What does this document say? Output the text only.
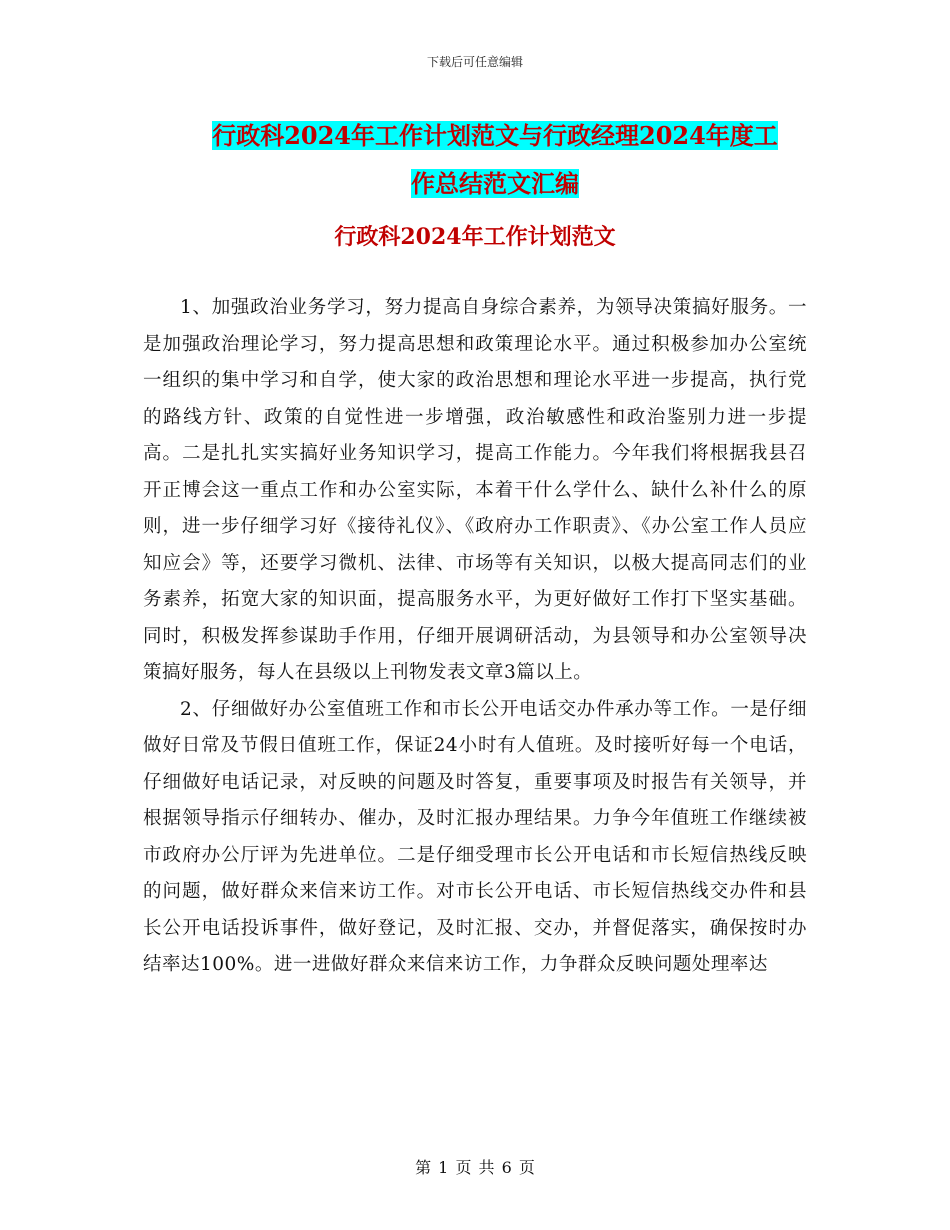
下载后可任意编辑
行政科2024年工作计划范文与行政经理2024年度工
作总结范文汇编
行政科2024年工作计划范文

1、加强政治业务学习，努力提高自身综合素养，为领导决策搞好服务。一是加强政治理论学习，努力提高思想和政策理论水平。通过积极参加办公室统一组织的集中学习和自学，使大家的政治思想和理论水平进一步提高，执行党的路线方针、政策的自觉性进一步增强，政治敏感性和政治鉴别力进一步提高。二是扎扎实实搞好业务知识学习，提高工作能力。今年我们将根据我县召开正博会这一重点工作和办公室实际，本着干什么学什么、缺什么补什么的原则，进一步仔细学习好《接待礼仪》、《政府办工作职责》、《办公室工作人员应知应会》等，还要学习微机、法律、市场等有关知识，以极大提高同志们的业务素养，拓宽大家的知识面，提高服务水平，为更好做好工作打下坚实基础。同时，积极发挥参谋助手作用，仔细开展调研活动，为县领导和办公室领导决策搞好服务，每人在县级以上刊物发表文章3篇以上。

2、仔细做好办公室值班工作和市长公开电话交办件承办等工作。一是仔细做好日常及节假日值班工作，保证24小时有人值班。及时接听好每一个电话，仔细做好电话记录，对反映的问题及时答复，重要事项及时报告有关领导，并根据领导指示仔细转办、催办，及时汇报办理结果。力争今年值班工作继续被市政府办公厅评为先进单位。二是仔细受理市长公开电话和市长短信热线反映的问题，做好群众来信来访工作。对市长公开电话、市长短信热线交办件和县长公开电话投诉事件，做好登记，及时汇报、交办，并督促落实，确保按时办结率达100%。进一进做好群众来信来访工作，力争群众反映问题处理率达

第 1 页 共 6 页
